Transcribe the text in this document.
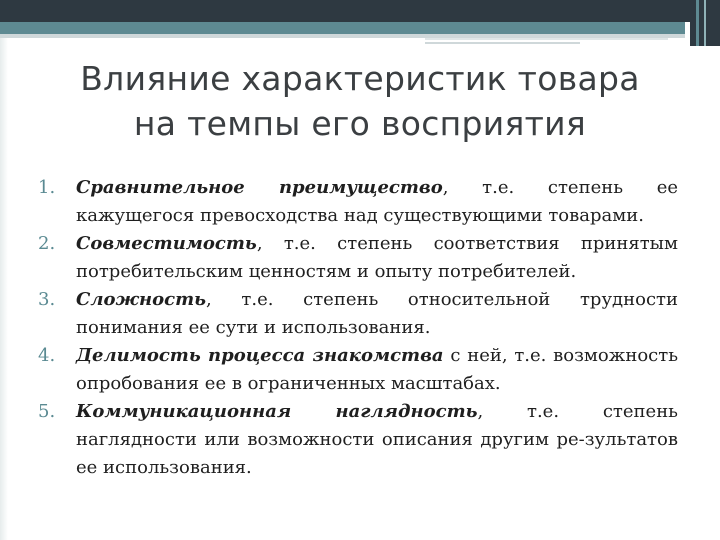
Влияние характеристик товара
на темпы его восприятия
1. Сравнительное преимущество, т.е. степень ее кажущегося превосходства над существующими товарами.
2. Совместимость, т.е. степень соответствия принятым потребительским ценностям и опыту потребителей.
3. Сложность, т.е. степень относительной трудности понимания ее сути и использования.
4. Делимость процесса знакомства с ней, т.е. возможность опробования ее в ограниченных масштабах.
5. Коммуникационная наглядность, т.е. степень наглядности или возможности описания другим ре-зультатов ее использования.
